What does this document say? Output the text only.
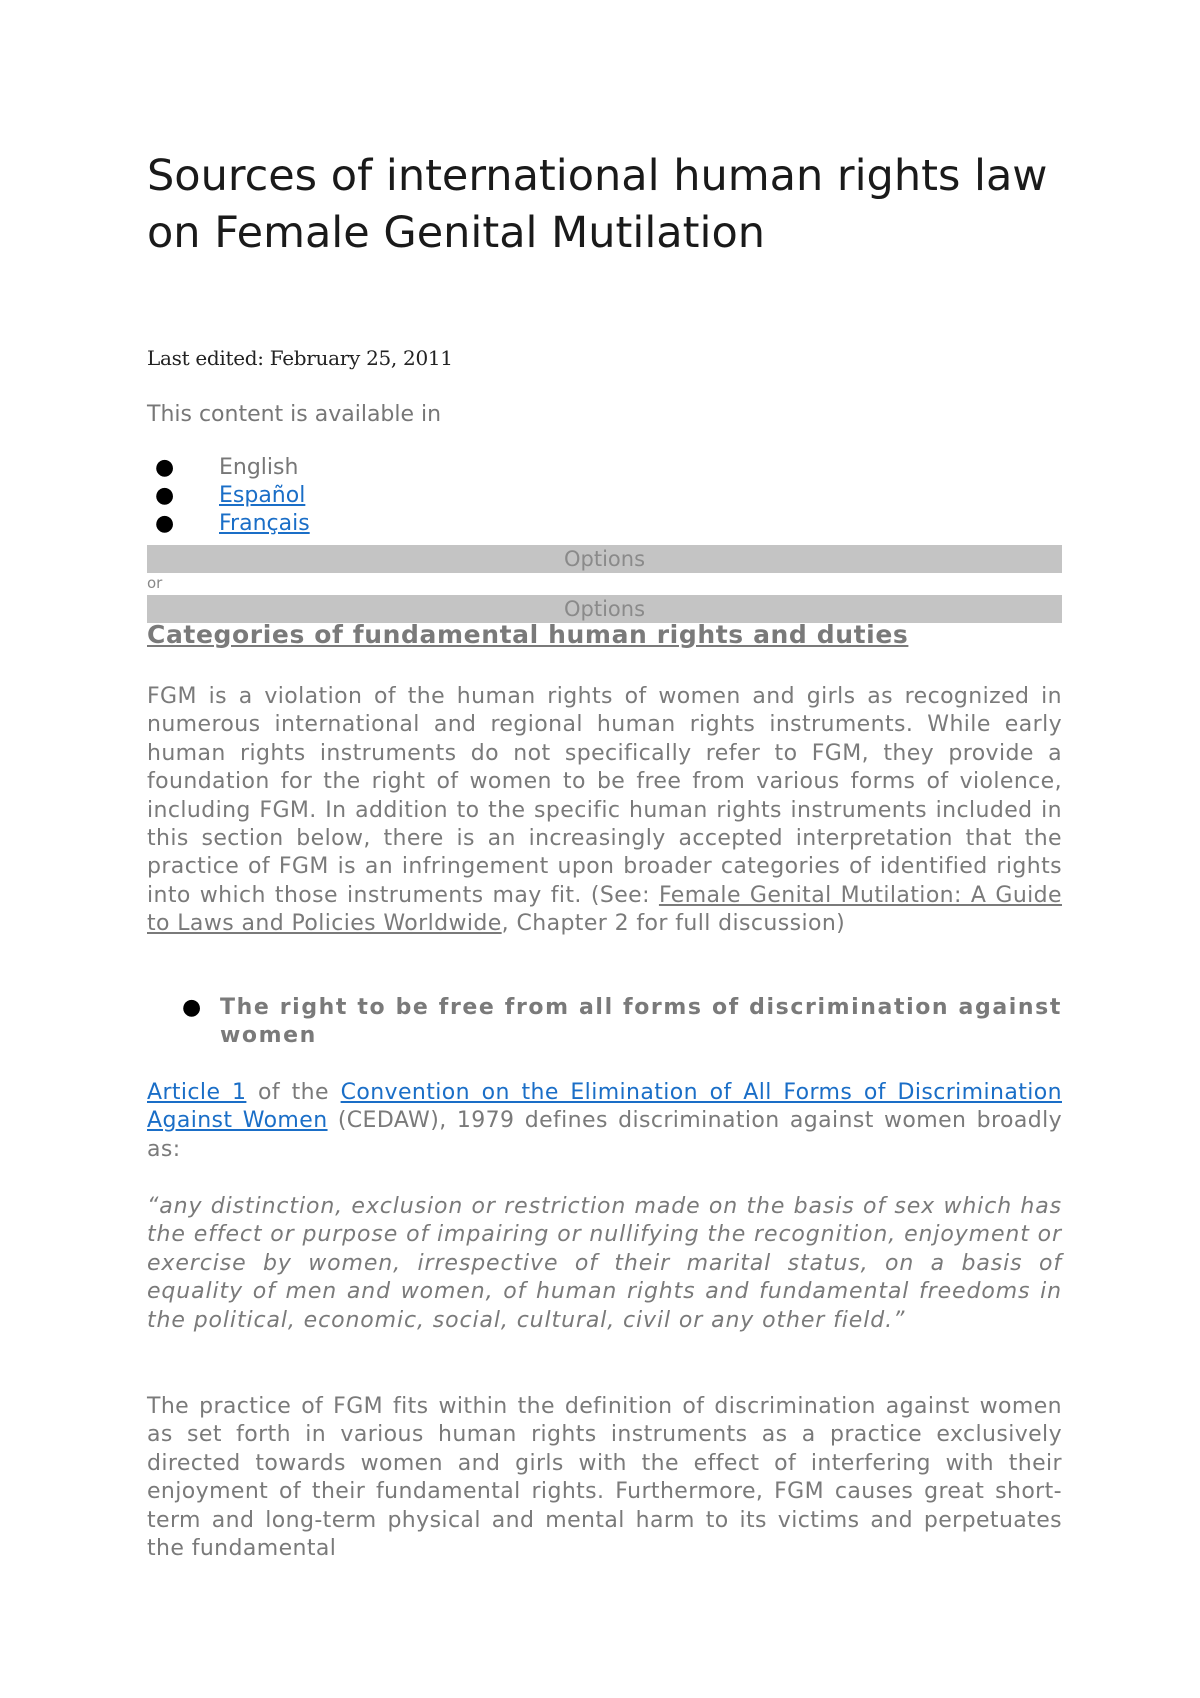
Sources of international human rights law on Female Genital Mutilation
Last edited: February 25, 2011
This content is available in
● English
● Español
● Français
Options
or
Options
Categories of fundamental human rights and duties

FGM is a violation of the human rights of women and girls as recognized in numerous international and regional human rights instruments. While early human rights instruments do not specifically refer to FGM, they provide a foundation for the right of women to be free from various forms of violence, including FGM. In addition to the specific human rights instruments included in this section below, there is an increasingly accepted interpretation that the practice of FGM is an infringement upon broader categories of identified rights into which those instruments may fit. (See: Female Genital Mutilation: A Guide to Laws and Policies Worldwide, Chapter 2 for full discussion)

● The right to be free from all forms of discrimination against women

Article 1 of the Convention on the Elimination of All Forms of Discrimination Against Women (CEDAW), 1979 defines discrimination against women broadly as:

“any distinction, exclusion or restriction made on the basis of sex which has the effect or purpose of impairing or nullifying the recognition, enjoyment or exercise by women, irrespective of their marital status, on a basis of equality of men and women, of human rights and fundamental freedoms in the political, economic, social, cultural, civil or any other field.”

The practice of FGM fits within the definition of discrimination against women as set forth in various human rights instruments as a practice exclusively directed towards women and girls with the effect of interfering with their enjoyment of their fundamental rights. Furthermore, FGM causes great short-term and long-term physical and mental harm to its victims and perpetuates the fundamental
